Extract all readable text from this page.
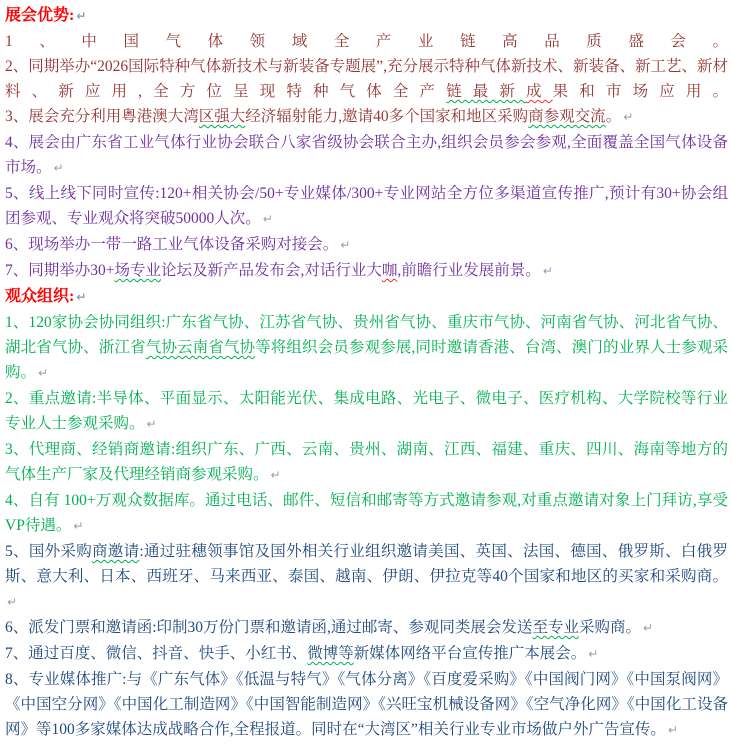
展会优势: ↵

1、中国气体领域全产业链高品质盛会。

2、同期举办“2026国际特种气体新技术与新装备专题展”,充分展示特种气体新技术、新装备、新工艺、新材料、新应用,全方位呈现特种气体全产链最新成果和市场应用。

3、展会充分利用粤港澳大湾区强大经济辐射能力,邀请40多个国家和地区采购商参观交流。 ↵

4、展会由广东省工业气体行业协会联合八家省级协会联合主办,组织会员参会参观,全面覆盖全国气体设备市场。 ↵

5、线上线下同时宣传:120+相关协会/50+专业媒体/300+专业网站全方位多渠道宣传推广,预计有30+协会组团参观、专业观众将突破50000人次。 ↵

6、现场举办一带一路工业气体设备采购对接会。 ↵

7、同期举办30+场专业论坛及新产品发布会,对话行业大咖,前瞻行业发展前景。 ↵

观众组织: ↵

1、120家协会协同组织:广东省气协、江苏省气协、贵州省气协、重庆市气协、河南省气协、河北省气协、湖北省气协、浙江省气协云南省气协等将组织会员参观参展,同时邀请香港、台湾、澳门的业界人士参观采购。 ↵

2、重点邀请:半导体、平面显示、太阳能光伏、集成电路、光电子、微电子、医疗机构、大学院校等行业专业人士参观采购。 ↵

3、代理商、经销商邀请:组织广东、广西、云南、贵州、湖南、江西、福建、重庆、四川、海南等地方的气体生产厂家及代理经销商参观采购。 ↵

4、自有 100+万观众数据库。通过电话、邮件、短信和邮寄等方式邀请参观,对重点邀请对象上门拜访,享受VP待遇。 ↵

5、国外采购商邀请:通过驻穗领事馆及国外相关行业组织邀请美国、英国、法国、德国、俄罗斯、白俄罗斯、意大利、日本、西班牙、马来西亚、泰国、越南、伊朗、伊拉克等40个国家和地区的买家和采购商。↵

6、派发门票和邀请函:印制30万份门票和邀请函,通过邮寄、参观同类展会发送至专业采购商。 ↵

7、通过百度、微信、抖音、快手、小红书、微博等新媒体网络平台宣传推广本展会。 ↵

8、专业媒体推广:与《广东气体》《低温与特气》《气体分离》《百度爱采购》《中国阀门网》《中国泵阀网》《中国空分网》《中国化工制造网》《中国智能制造网》《兴旺宝机械设备网》《空气净化网》《中国化工设备网》等100多家媒体达成战略合作,全程报道。同时在“大湾区”相关行业专业市场做户外广告宣传。 ↵
